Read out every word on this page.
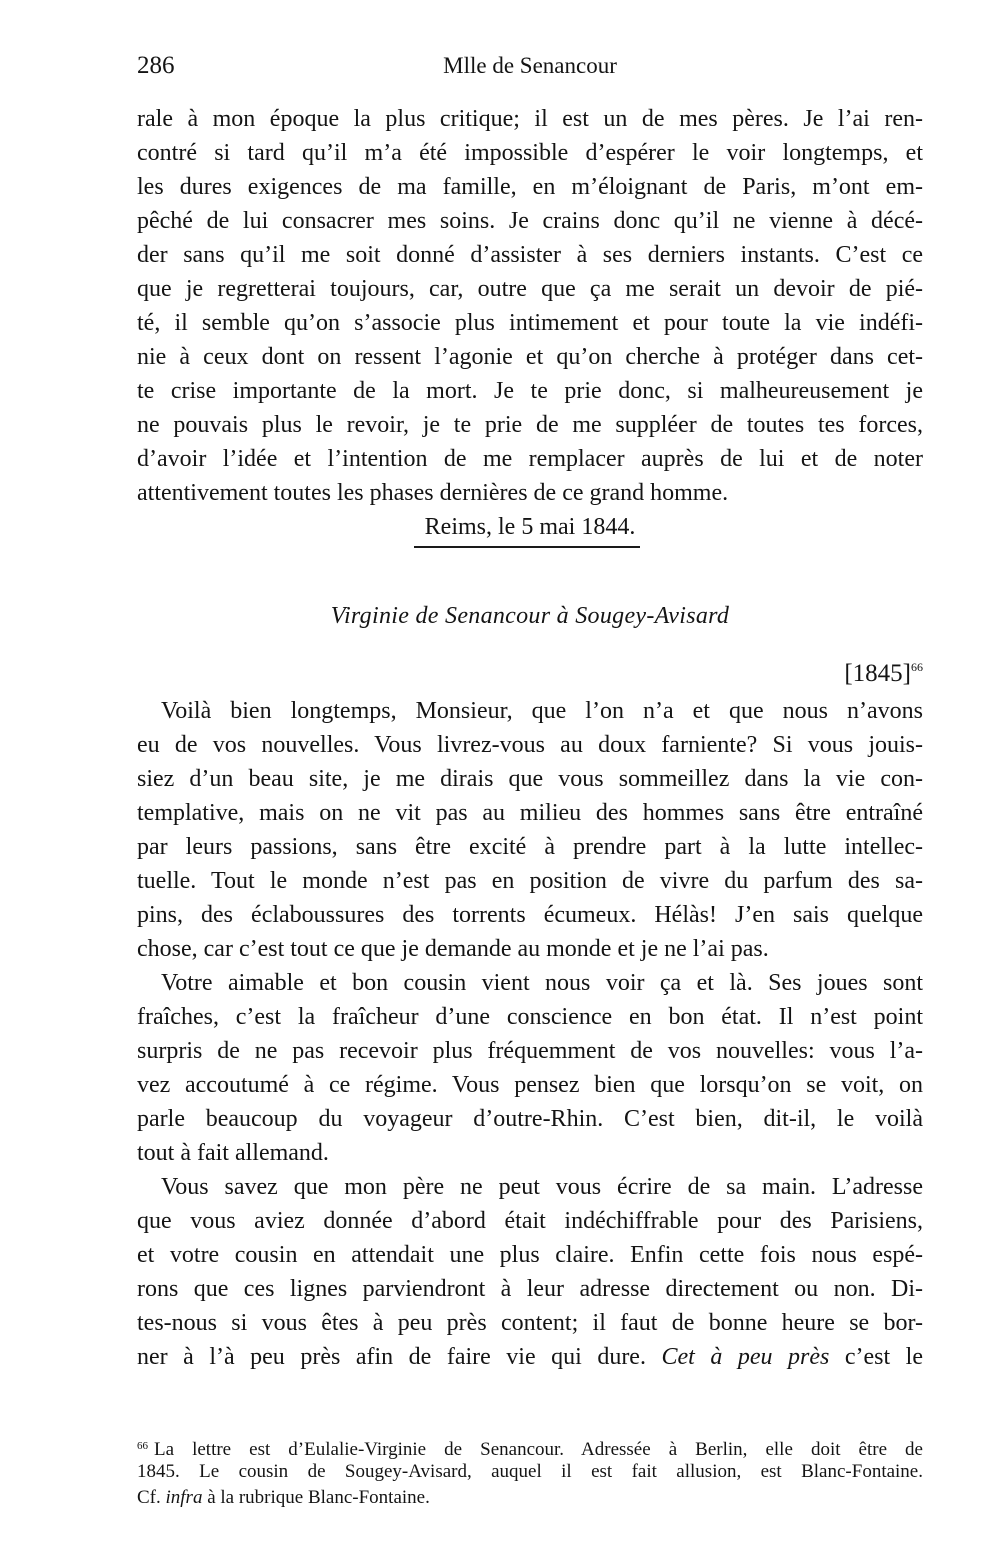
286	Mlle de Senancour
rale à mon époque la plus critique; il est un de mes pères. Je l’ai ren-
contré si tard qu’il m’a été impossible d’espérer le voir longtemps, et
les dures exigences de ma famille, en m’éloignant de Paris, m’ont em-
pêché de lui consacrer mes soins. Je crains donc qu’il ne vienne à décé-
der sans qu’il me soit donné d’assister à ses derniers instants. C’est ce
que je regretterai toujours, car, outre que ça me serait un devoir de pié-
té, il semble qu’on s’associe plus intimement et pour toute la vie indéfi-
nie à ceux dont on ressent l’agonie et qu’on cherche à protéger dans cet-
te crise importante de la mort. Je te prie donc, si malheureusement je
ne pouvais plus le revoir, je te prie de me suppléer de toutes tes forces,
d’avoir l’idée et l’intention de me remplacer auprès de lui et de noter
attentivement toutes les phases dernières de ce grand homme.
Reims, le 5 mai 1844.
Virginie de Senancour à Sougey-Avisard
$[1845]^{66}$
Voilà bien longtemps, Monsieur, que l’on n’a et que nous n’avons
eu de vos nouvelles. Vous livrez-vous au doux farniente? Si vous jouis-
siez d’un beau site, je me dirais que vous sommeillez dans la vie con-
templative, mais on ne vit pas au milieu des hommes sans être entraîné
par leurs passions, sans être excité à prendre part à la lutte intellec-
tuelle. Tout le monde n’est pas en position de vivre du parfum des sa-
pins, des éclaboussures des torrents écumeux. Hélàs! J’en sais quelque
chose, car c’est tout ce que je demande au monde et je ne l’ai pas.
Votre aimable et bon cousin vient nous voir ça et là. Ses joues sont
fraîches, c’est la fraîcheur d’une conscience en bon état. Il n’est point
surpris de ne pas recevoir plus fréquemment de vos nouvelles: vous l’a-
vez accoutumé à ce régime. Vous pensez bien que lorsqu’on se voit, on
parle beaucoup du voyageur d’outre-Rhin. C’est bien, dit-il, le voilà
tout à fait allemand.
Vous savez que mon père ne peut vous écrire de sa main. L’adresse
que vous aviez donnée d’abord était indéchiffrable pour des Parisiens,
et votre cousin en attendait une plus claire. Enfin cette fois nous espé-
rons que ces lignes parviendront à leur adresse directement ou non. Di-
tes-nous si vous êtes à peu près content; il faut de bonne heure se bor-
ner à l’à peu près afin de faire vie qui dure. Cet à peu près c’est le
$^{66}$ La lettre est d’Eulalie-Virginie de Senancour. Adressée à Berlin, elle doit être de
1845. Le cousin de Sougey-Avisard, auquel il est fait allusion, est Blanc-Fontaine.
Cf. infra à la rubrique Blanc-Fontaine.
